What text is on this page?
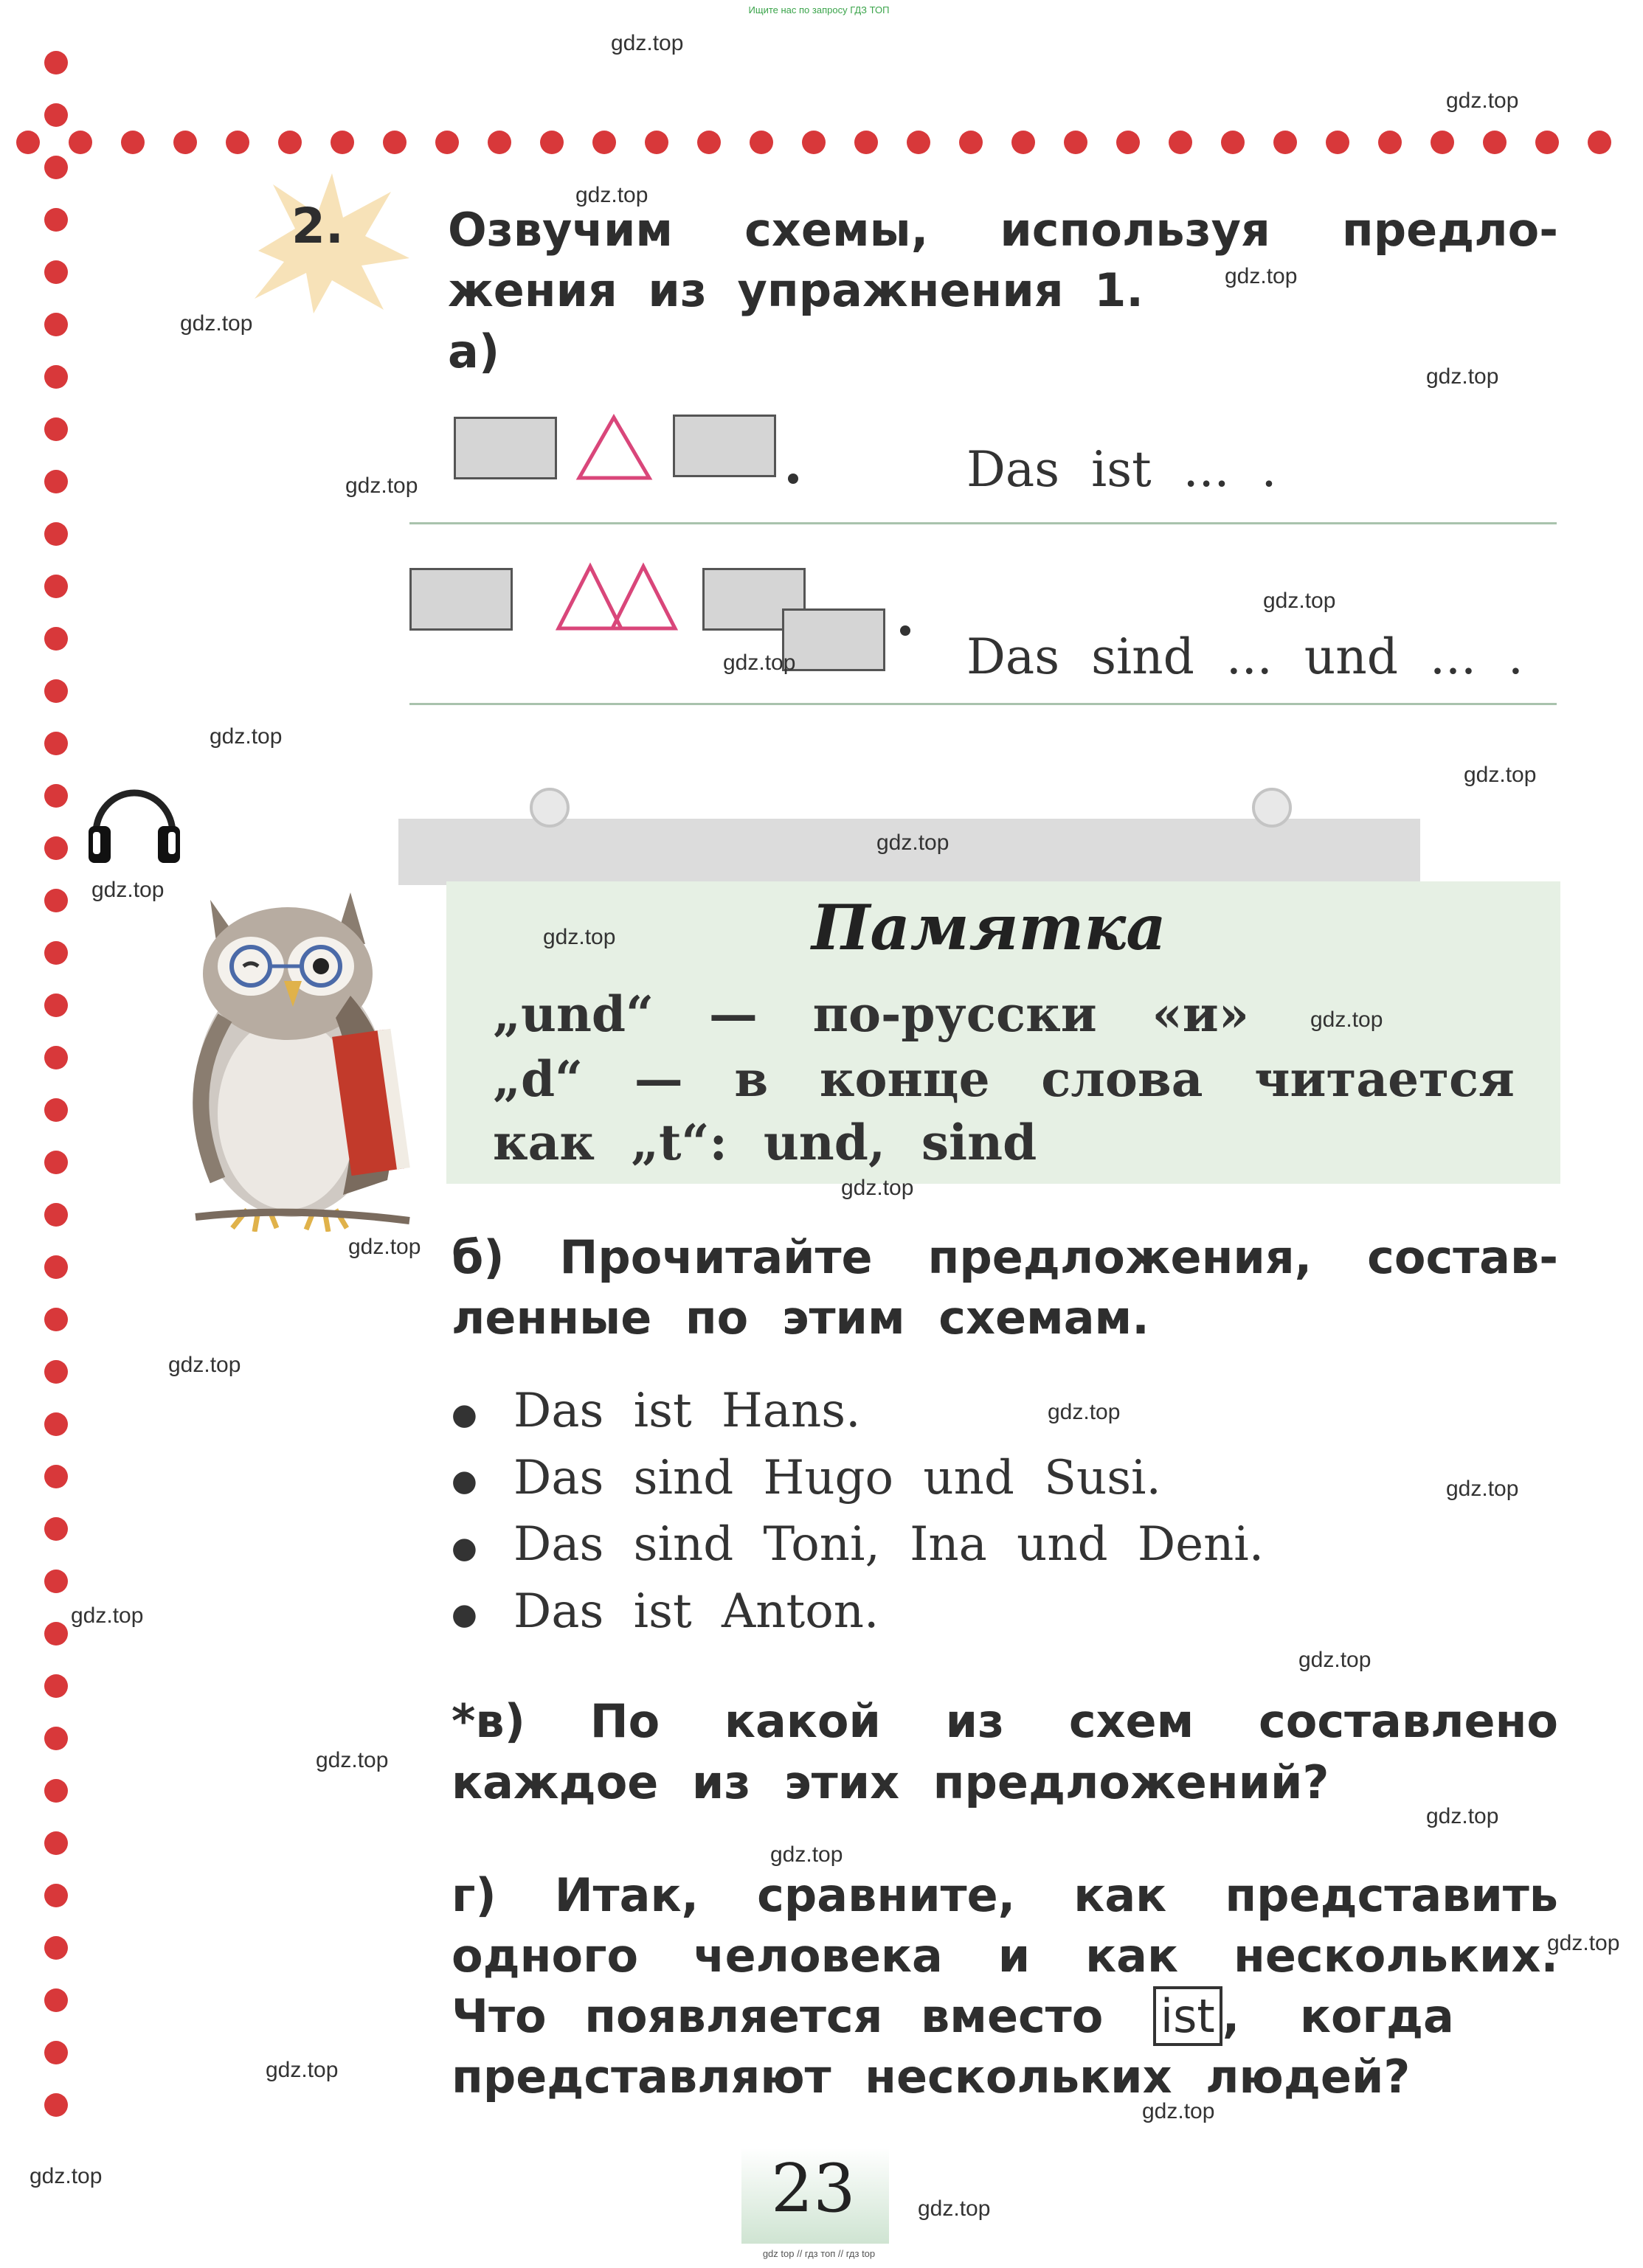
Ищите нас по запросу ГДЗ ТОП
gdz top // гдз топ // гдз top
2. Озвучим схемы, используя предло-
жения из упражнения 1.
а)
Das ist ... .
Das sind ... und ... .
Памятка
„und“ — по-русски «и»
„d“ — в конце слова читается
как „t“: und, sind
б) Прочитайте предложения, состав-
ленные по этим схемам.
● Das ist Hans.
● Das sind Hugo und Susi.
● Das sind Toni, Ina und Deni.
● Das ist Anton.
*в) По какой из схем составлено
каждое из этих предложений?
г) Итак, сравните, как представить
одного человека и как нескольких.
Что появляется вместо ist , когда
представляют нескольких людей?
23
gdz.top
gdz.top
gdz.top
gdz.top
gdz.top
gdz.top
gdz.top
gdz.top
gdz.top
gdz.top
gdz.top
gdz.top
gdz.top
gdz.top
gdz.top
gdz.top
gdz.top
gdz.top
gdz.top
gdz.top
gdz.top
gdz.top
gdz.top
gdz.top
gdz.top
gdz.top
gdz.top
gdz.top
gdz.top
gdz.top
